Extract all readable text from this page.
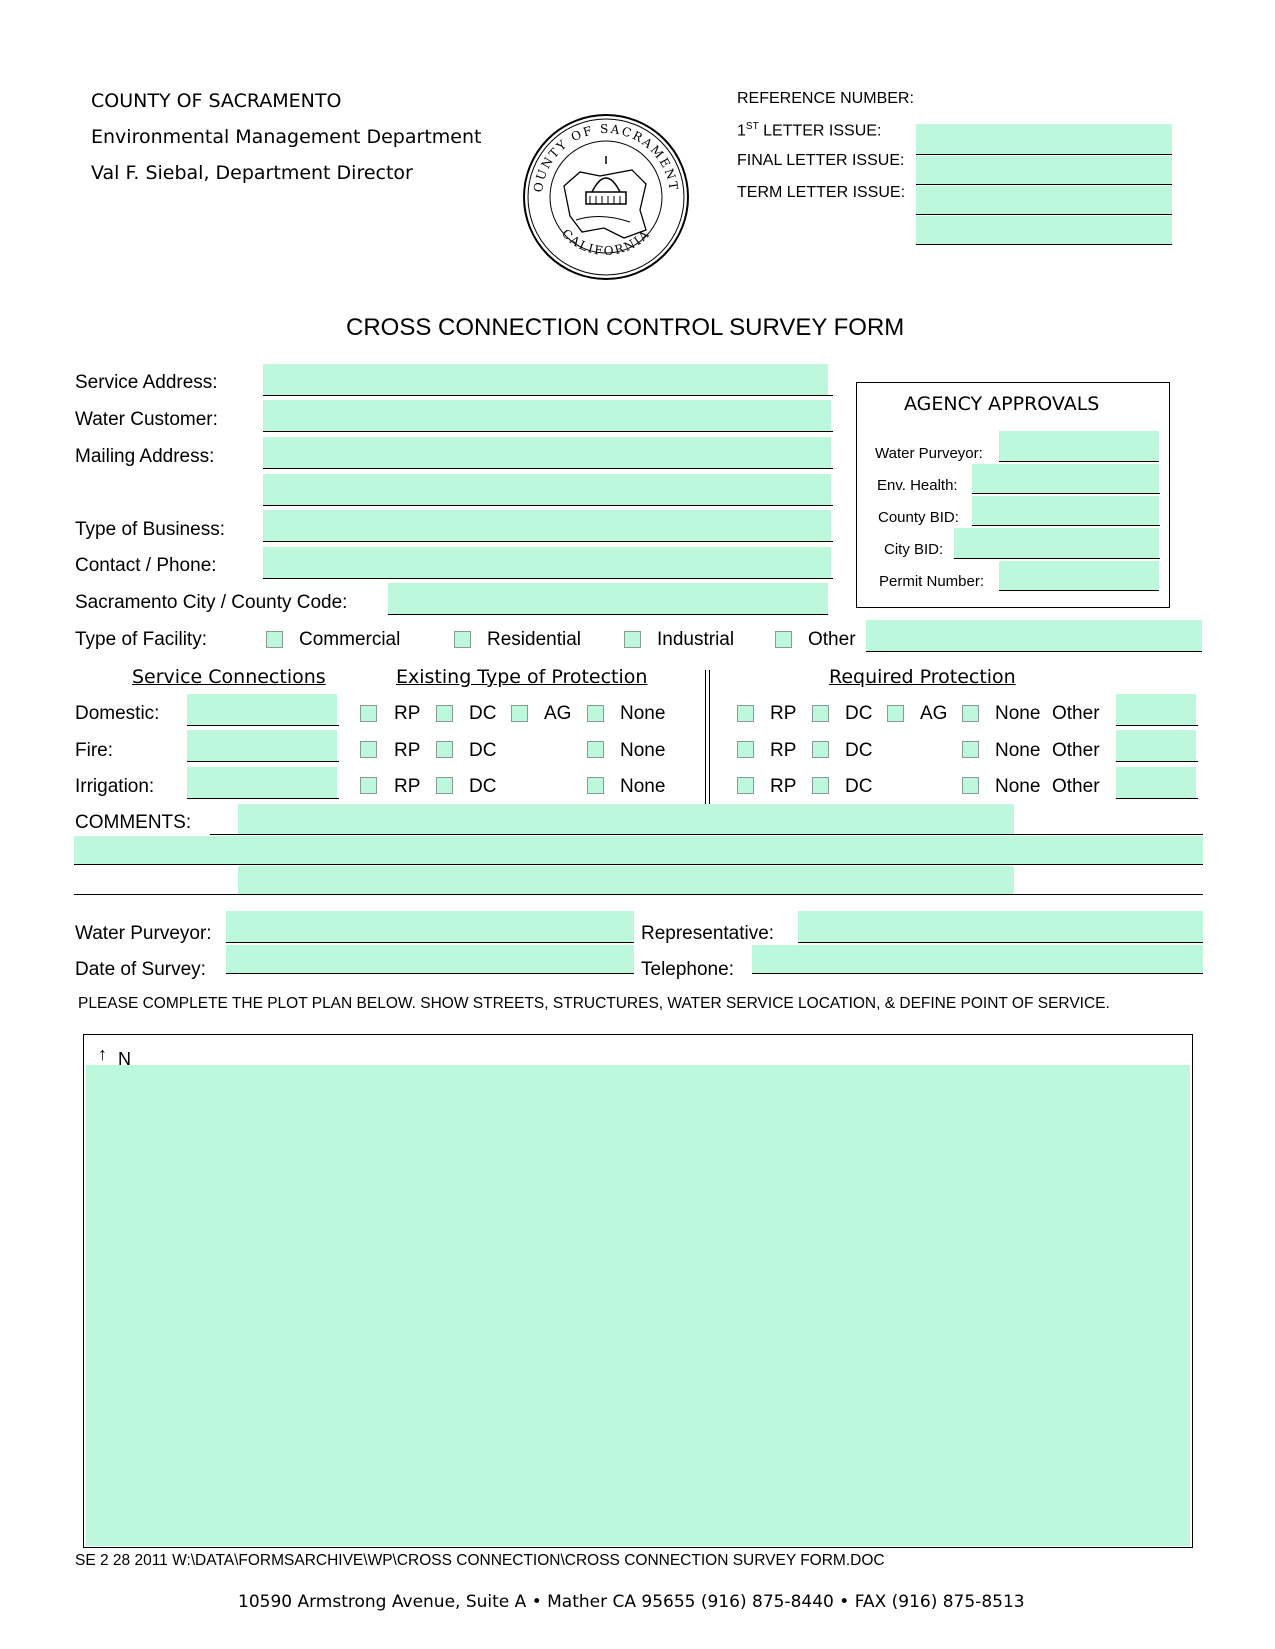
COUNTY OF SACRAMENTO
Environmental Management Department
Val F. Siebal, Department Director
OUNTY OF SACRAMENT
CALIFORNIA
REFERENCE NUMBER:
1ST LETTER ISSUE:
FINAL LETTER ISSUE:
TERM LETTER ISSUE:
CROSS CONNECTION CONTROL SURVEY FORM
Service Address:
Water Customer:
Mailing Address:
Type of Business:
Contact / Phone:
Sacramento City / County Code:
Type of Facility:	Commercial	Residential	Industrial	Other
AGENCY APPROVALS
Water Purveyor:
Env. Health:
County BID:
City BID:
Permit Number:
Service Connections	Existing Type of Protection	Required Protection
Domestic:	RP	DC	AG	None	RP	DC	AG	None Other
Fire:	RP	DC	None	RP	DC	None Other
Irrigation:	RP	DC	None	RP	DC	None Other
COMMENTS:
Water Purveyor:	Representative:
Date of Survey:	Telephone:
PLEASE COMPLETE THE PLOT PLAN BELOW. SHOW STREETS, STRUCTURES, WATER SERVICE LOCATION, & DEFINE POINT OF SERVICE.
↑ N
SE 2 28 2011 W:\DATA\FORMSARCHIVE\WP\CROSS CONNECTION\CROSS CONNECTION SURVEY FORM.DOC
10590 Armstrong Avenue, Suite A • Mather CA 95655 (916) 875-8440 • FAX (916) 875-8513
